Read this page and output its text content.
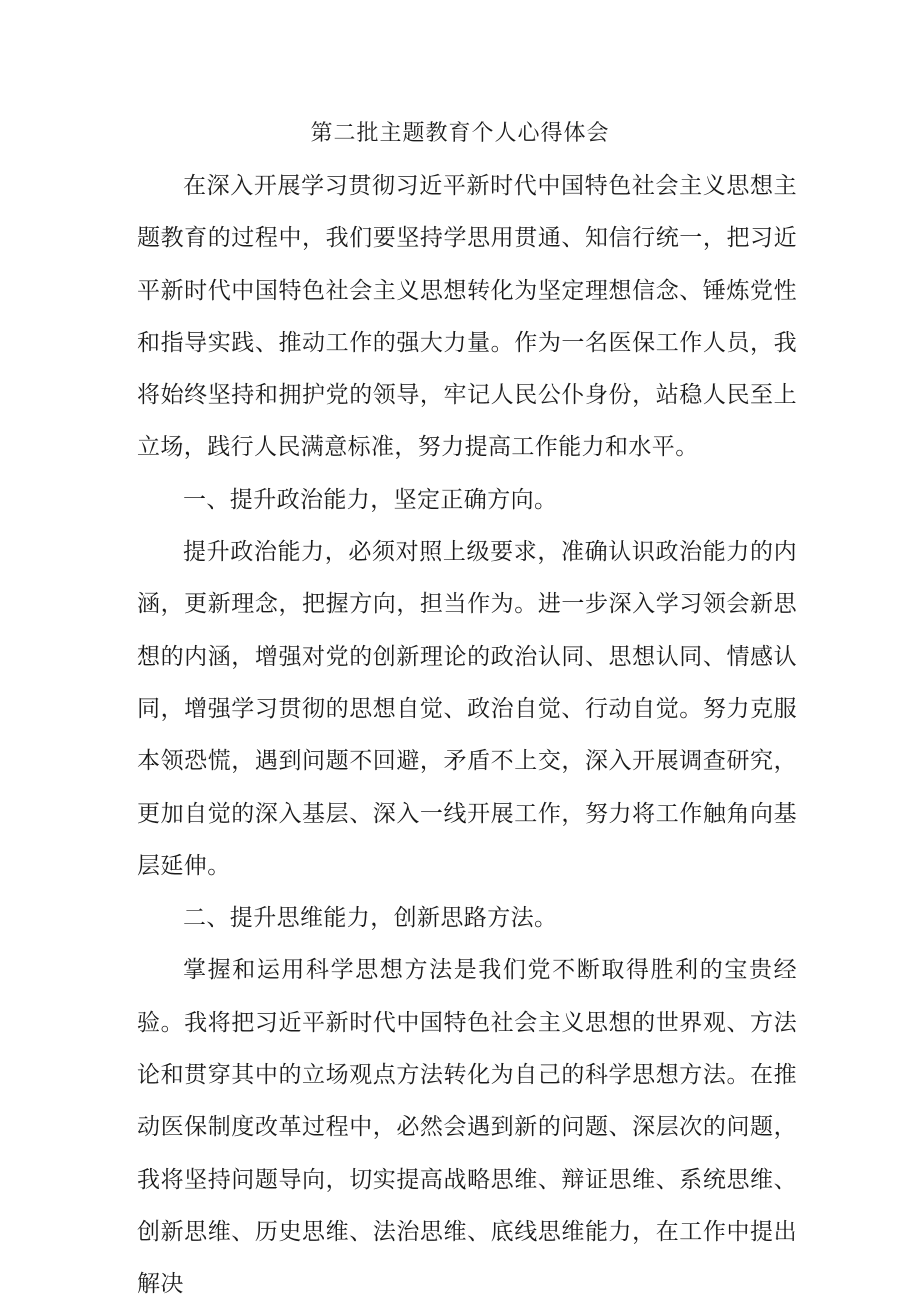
第二批主题教育个人心得体会

在深入开展学习贯彻习近平新时代中国特色社会主义思想主题教育的过程中，我们要坚持学思用贯通、知信行统一，把习近平新时代中国特色社会主义思想转化为坚定理想信念、锤炼党性和指导实践、推动工作的强大力量。作为一名医保工作人员，我将始终坚持和拥护党的领导，牢记人民公仆身份，站稳人民至上立场，践行人民满意标准，努力提高工作能力和水平。

一、提升政治能力，坚定正确方向。

提升政治能力，必须对照上级要求，准确认识政治能力的内涵，更新理念，把握方向，担当作为。进一步深入学习领会新思想的内涵，增强对党的创新理论的政治认同、思想认同、情感认同，增强学习贯彻的思想自觉、政治自觉、行动自觉。努力克服本领恐慌，遇到问题不回避，矛盾不上交，深入开展调查研究，更加自觉的深入基层、深入一线开展工作，努力将工作触角向基层延伸。

二、提升思维能力，创新思路方法。

掌握和运用科学思想方法是我们党不断取得胜利的宝贵经验。我将把习近平新时代中国特色社会主义思想的世界观、方法论和贯穿其中的立场观点方法转化为自己的科学思想方法。在推动医保制度改革过程中，必然会遇到新的问题、深层次的问题，我将坚持问题导向，切实提高战略思维、辩证思维、系统思维、创新思维、历史思维、法治思维、底线思维能力，在工作中提出解决
